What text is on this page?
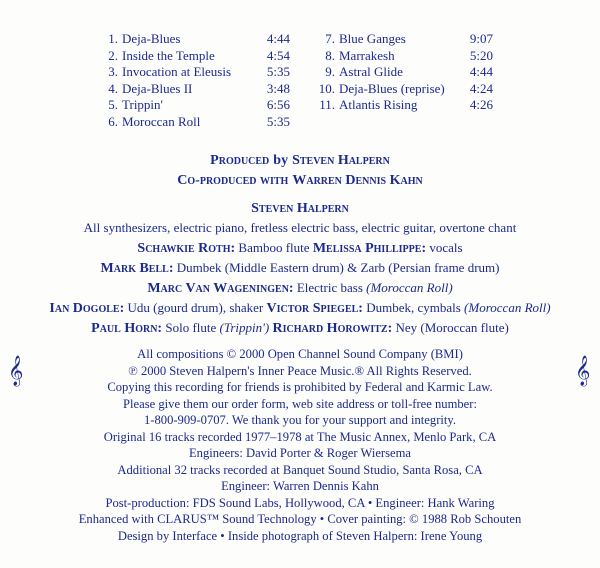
1. Deja-Blues	4:44
2. Inside the Temple	4:54
3. Invocation at Eleusis	5:35
4. Deja-Blues II	3:48
5. Trippin'	6:56
6. Moroccan Roll	5:35
7. Blue Ganges	9:07
8. Marrakesh	5:20
9. Astral Glide	4:44
10. Deja-Blues (reprise) 4:24
11. Atlantis Rising	4:26
Produced by Steven Halpern
Co-produced with Warren Dennis Kahn
Steven Halpern
All synthesizers, electric piano, fretless electric bass, electric guitar, overtone chant
Schawkie Roth: Bamboo flute Melissa Phillippe: vocals
Mark Bell: Dumbek (Middle Eastern drum) & Zarb (Persian frame drum)
Marc Van Wageningen: Electric bass (Moroccan Roll)
Ian Dogole: Udu (gourd drum), shaker Victor Spiegel: Dumbek, cymbals (Moroccan Roll)
Paul Horn: Solo flute (Trippin') Richard Horowitz: Ney (Moroccan flute)
𝄞	𝄞
All compositions © 2000 Open Channel Sound Company (BMI)
℗ 2000 Steven Halpern's Inner Peace Music.® All Rights Reserved.
Copying this recording for friends is prohibited by Federal and Karmic Law.
Please give them our order form, web site address or toll-free number:
1-800-909-0707. We thank you for your support and integrity.
Original 16 tracks recorded 1977–1978 at The Music Annex, Menlo Park, CA
Engineers: David Porter & Roger Wiersema
Additional 32 tracks recorded at Banquet Sound Studio, Santa Rosa, CA
Engineer: Warren Dennis Kahn
Post-production: FDS Sound Labs, Hollywood, CA • Engineer: Hank Waring
Enhanced with CLARUS™ Sound Technology • Cover painting: © 1988 Rob Schouten
Design by Interface • Inside photograph of Steven Halpern: Irene Young
